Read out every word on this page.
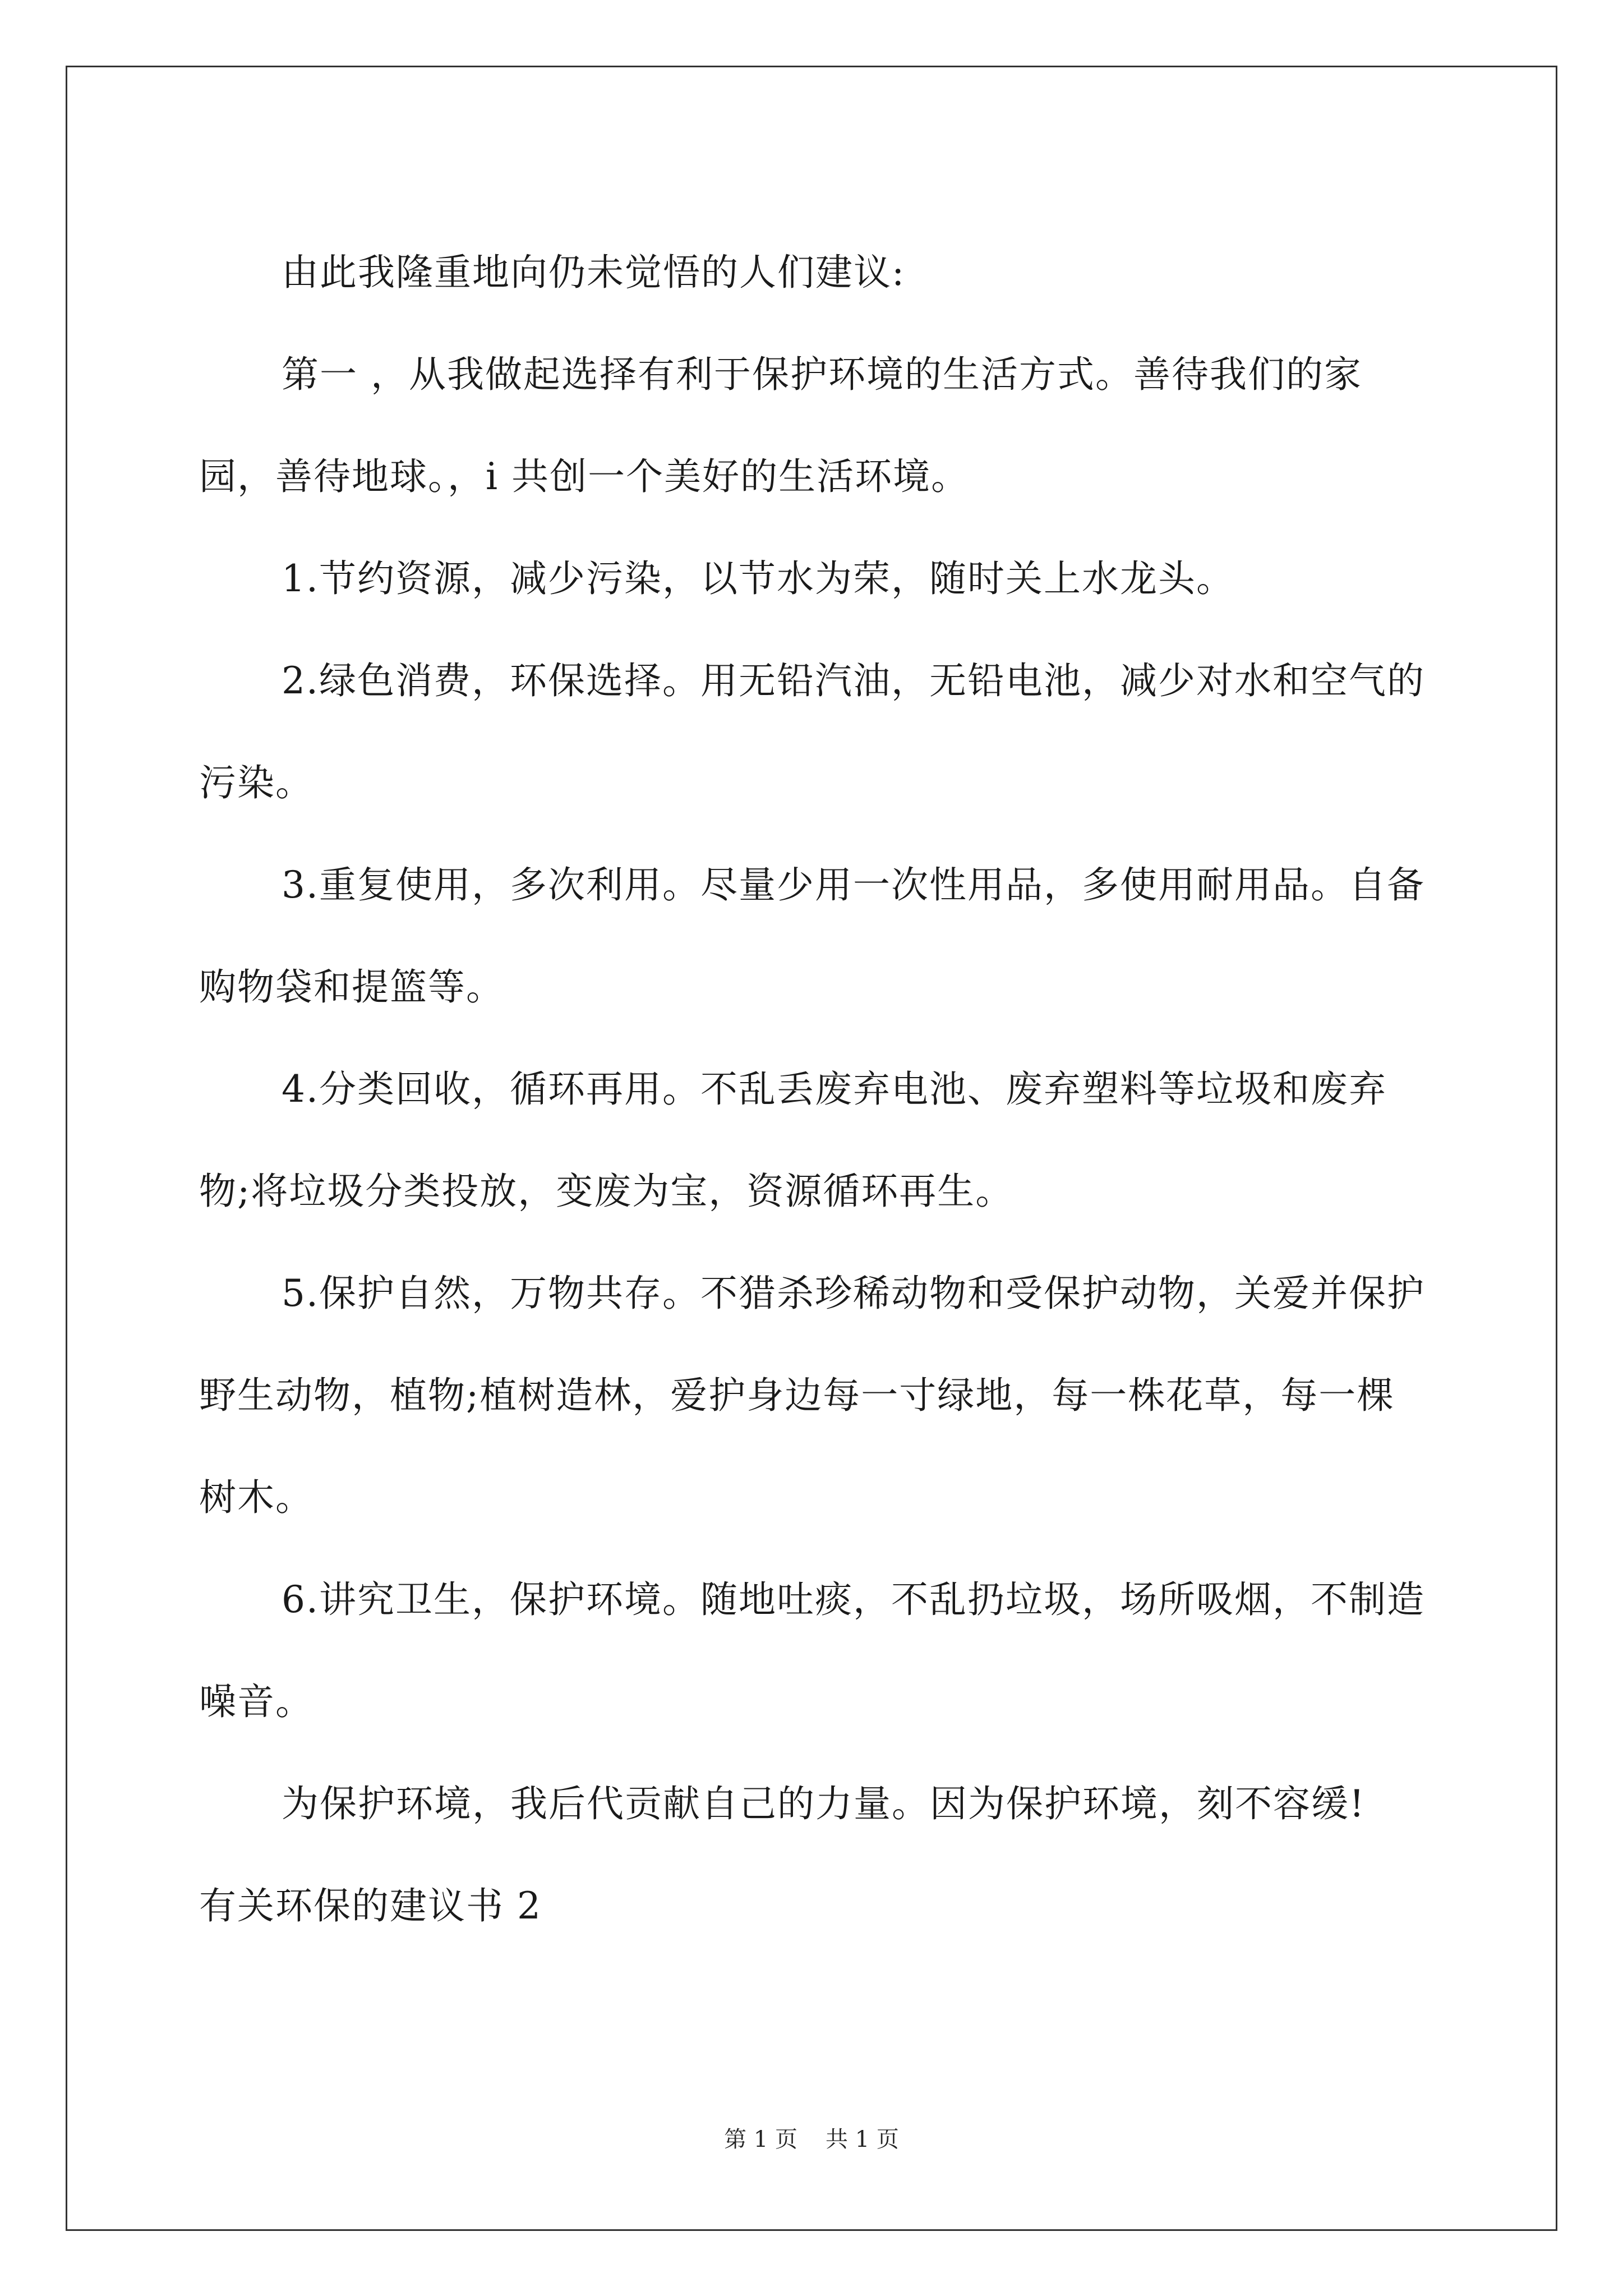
由此我隆重地向仍未觉悟的人们建议:

第一 ，从我做起选择有利于保护环境的生活方式。善待我们的家园，善待地球。，i 共创一个美好的生活环境。

1.节约资源，减少污染，以节水为荣，随时关上水龙头。

2.绿色消费，环保选择。用无铅汽油，无铅电池，减少对水和空气的污染。

3.重复使用，多次利用。尽量少用一次性用品，多使用耐用品。自备购物袋和提篮等。

4.分类回收，循环再用。不乱丢废弃电池、废弃塑料等垃圾和废弃物;将垃圾分类投放，变废为宝，资源循环再生。

5.保护自然，万物共存。不猎杀珍稀动物和受保护动物，关爱并保护野生动物，植物;植树造林，爱护身边每一寸绿地，每一株花草，每一棵树木。

6.讲究卫生，保护环境。随地吐痰，不乱扔垃圾，场所吸烟，不制造噪音。

为保护环境，我后代贡献自己的力量。因为保护环境，刻不容缓!

有关环保的建议书 2

第 1 页 共 1 页
